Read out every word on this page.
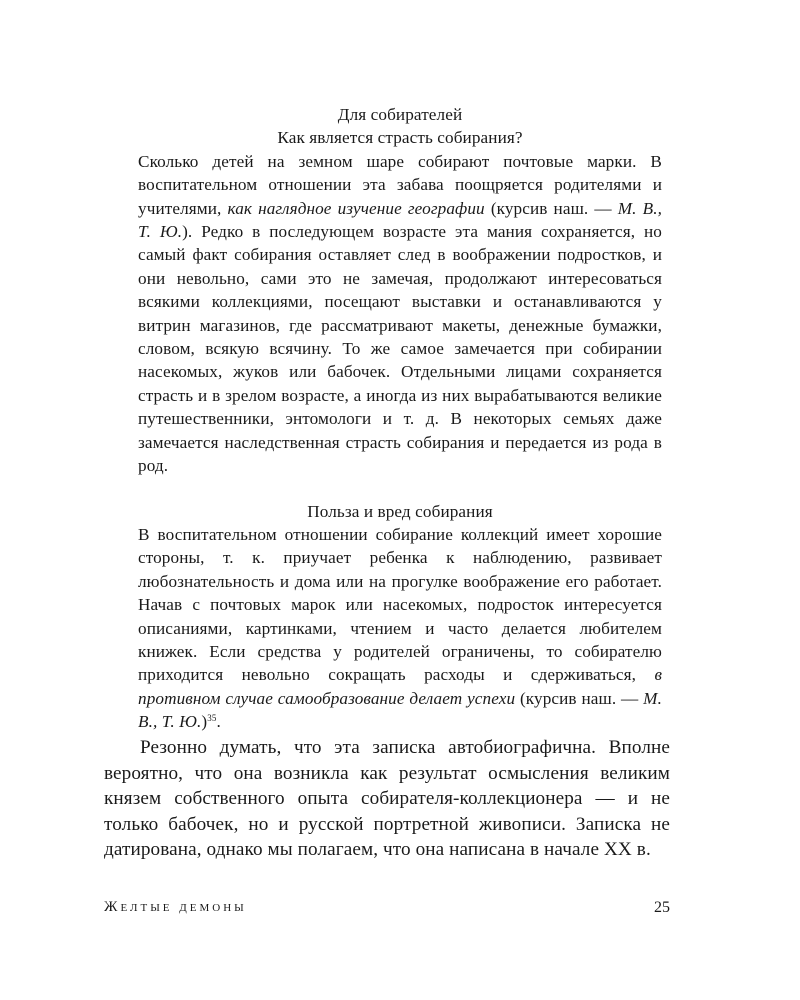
Для собирателей

Как является страсть собирания?

Сколько детей на земном шаре собирают почтовые марки. В воспитательном отношении эта забава поощряется родителями и учителями, как наглядное изучение географии (курсив наш. — М. В., Т. Ю.). Редко в последующем возрасте эта мания сохраняется, но самый факт собирания оставляет след в воображении подростков, и они невольно, сами это не замечая, продолжают интересоваться всякими коллекциями, посещают выставки и останавливаются у витрин магазинов, где рассматривают макеты, денежные бумажки, словом, всякую всячину. То же самое замечается при собирании насекомых, жуков или бабочек. Отдельными лицами сохраняется страсть и в зрелом возрасте, а иногда из них вырабатываются великие путешественники, энтомологи и т. д. В некоторых семьях даже замечается наследственная страсть собирания и передается из рода в род.

Польза и вред собирания

В воспитательном отношении собирание коллекций имеет хорошие стороны, т. к. приучает ребенка к наблюдению, развивает любознательность и дома или на прогулке воображение его работает. Начав с почтовых марок или насекомых, подросток интересуется описаниями, картинками, чтением и часто делается любителем книжек. Если средства у родителей ограничены, то собирателю приходится невольно сокращать расходы и сдерживаться, в противном случае самообразование делает успехи (курсив наш. — М. В., Т. Ю.)$^{35}$.

Резонно думать, что эта записка автобиографична. Вполне вероятно, что она возникла как результат осмысления великим князем собственного опыта собирателя-коллекционера — и не только бабочек, но и русской портретной живописи. Записка не датирована, однако мы полагаем, что она написана в начале XX в.

Желтые демоны	25
